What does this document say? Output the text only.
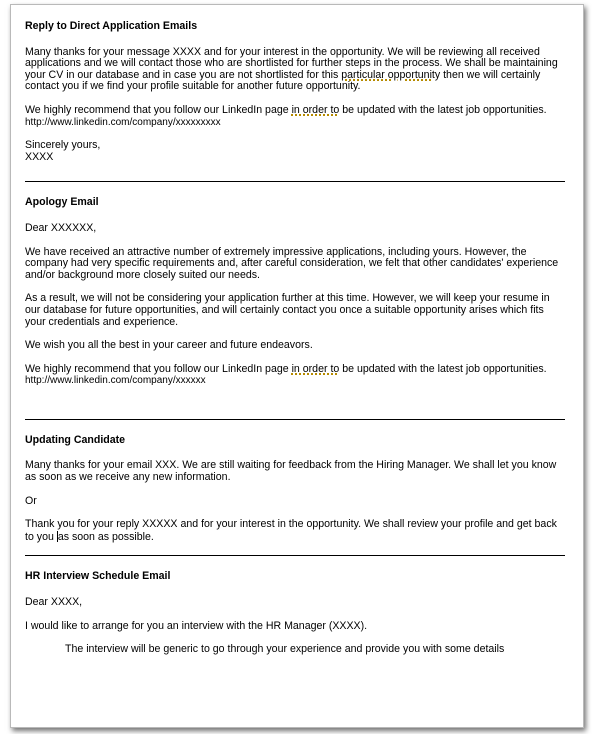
Reply to Direct Application Emails

Many thanks for your message XXXX and for your interest in the opportunity. We will be reviewing all received applications and we will contact those who are shortlisted for further steps in the process. We shall be maintaining your CV in our database and in case you are not shortlisted for this particular opportunity then we will certainly contact you if we find your profile suitable for another future opportunity.

We highly recommend that you follow our LinkedIn page in order to be updated with the latest job opportunities.
http://www.linkedin.com/company/xxxxxxxxx

Sincerely yours,
XXXX

Apology Email

Dear XXXXXX,

We have received an attractive number of extremely impressive applications, including yours. However, the company had very specific requirements and, after careful consideration, we felt that other candidates' experience and/or background more closely suited our needs.

As a result, we will not be considering your application further at this time. However, we will keep your resume in our database for future opportunities, and will certainly contact you once a suitable opportunity arises which fits your credentials and experience.

We wish you all the best in your career and future endeavors.

We highly recommend that you follow our LinkedIn page in order to be updated with the latest job opportunities.
http://www.linkedin.com/company/xxxxxx

Updating Candidate

Many thanks for your email XXX. We are still waiting for feedback from the Hiring Manager. We shall let you know as soon as we receive any new information.

Or

Thank you for your reply XXXXX and for your interest in the opportunity. We shall review your profile and get back to you as soon as possible.

HR Interview Schedule Email

Dear XXXX,

I would like to arrange for you an interview with the HR Manager (XXXX).

The interview will be generic to go through your experience and provide you with some details
